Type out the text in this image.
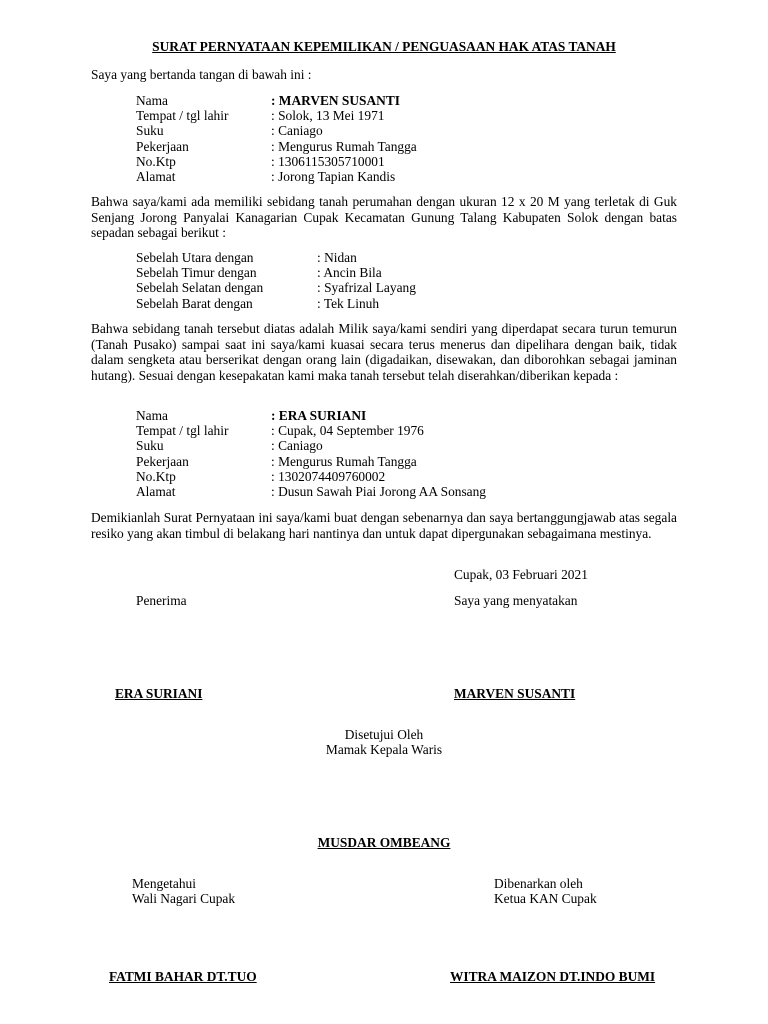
SURAT PERNYATAAN KEPEMILIKAN / PENGUASAAN HAK ATAS TANAH
Saya yang bertanda tangan di bawah ini :
Nama	: MARVEN SUSANTI
Tempat / tgl lahir	: Solok, 13 Mei 1971
Suku	: Caniago
Pekerjaan	: Mengurus Rumah Tangga
No.Ktp	: 1306115305710001
Alamat	: Jorong Tapian Kandis
Bahwa saya/kami ada memiliki sebidang tanah perumahan dengan ukuran 12 x 20 M yang terletak di Guk Senjang Jorong Panyalai Kanagarian Cupak Kecamatan Gunung Talang Kabupaten Solok dengan batas sepadan sebagai berikut :
Sebelah Utara dengan	: Nidan
Sebelah Timur dengan	: Ancin Bila
Sebelah Selatan dengan	: Syafrizal Layang
Sebelah Barat dengan	: Tek Linuh
Bahwa sebidang tanah tersebut diatas adalah Milik saya/kami sendiri yang diperdapat secara turun temurun (Tanah Pusako) sampai saat ini saya/kami kuasai secara terus menerus dan dipelihara dengan baik, tidak dalam sengketa atau berserikat dengan orang lain (digadaikan, disewakan, dan diborohkan sebagai jaminan hutang). Sesuai dengan kesepakatan kami maka tanah tersebut telah diserahkan/diberikan kepada :
Nama	: ERA SURIANI
Tempat / tgl lahir	: Cupak, 04 September 1976
Suku	: Caniago
Pekerjaan	: Mengurus Rumah Tangga
No.Ktp	: 1302074409760002
Alamat	: Dusun Sawah Piai Jorong AA Sonsang
Demikianlah Surat Pernyataan ini saya/kami buat dengan sebenarnya dan saya bertanggungjawab atas segala resiko yang akan timbul di belakang hari nantinya dan untuk dapat dipergunakan sebagaimana mestinya.
Cupak, 03 Februari 2021
Penerima	Saya yang menyatakan
ERA SURIANI	MARVEN SUSANTI
Disetujui Oleh
Mamak Kepala Waris
MUSDAR OMBEANG
Mengetahui
Wali Nagari Cupak
Dibenarkan oleh
Ketua KAN Cupak
FATMI BAHAR DT.TUO	WITRA MAIZON DT.INDO BUMI
